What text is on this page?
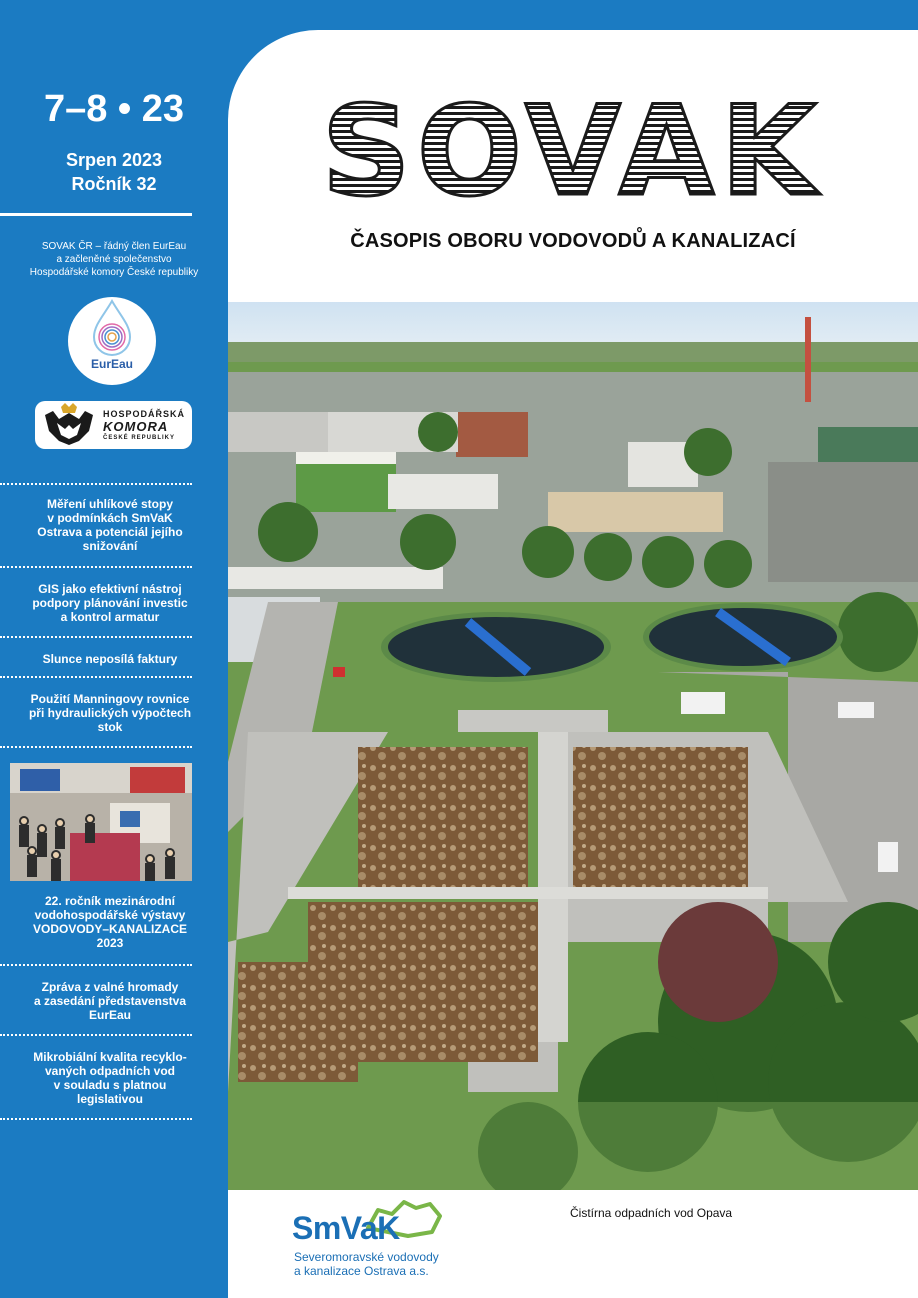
7–8 • 23
Srpen 2023
Ročník 32
SOVAK ČR – řádný člen EurEau
a začleněné společenstvo
Hospodářské komory České republiky
EurEau
HOSPODÁŘSKÁ
KOMORA
ČESKÉ REPUBLIKY
Měření uhlíkové stopy
v podmínkách SmVaK
Ostrava a potenciál jejího
snižování
GIS jako efektivní nástroj
podpory plánování investic
a kontrol armatur
Slunce neposílá faktury
Použití Manningovy rovnice
při hydraulických výpočtech
stok
22. ročník mezinárodní
vodohospodářské výstavy
VODOVODY–KANALIZACE
2023
Zpráva z valné hromady
a zasedání představenstva
EurEau
Mikrobiální kvalita recyklo-
vaných odpadních vod
v souladu s platnou
legislativou
SOVAK
ČASOPIS OBORU VODOVODŮ A KANALIZACÍ
SmVaK
Severomoravské vodovody
a kanalizace Ostrava a.s.
Čistírna odpadních vod Opava
